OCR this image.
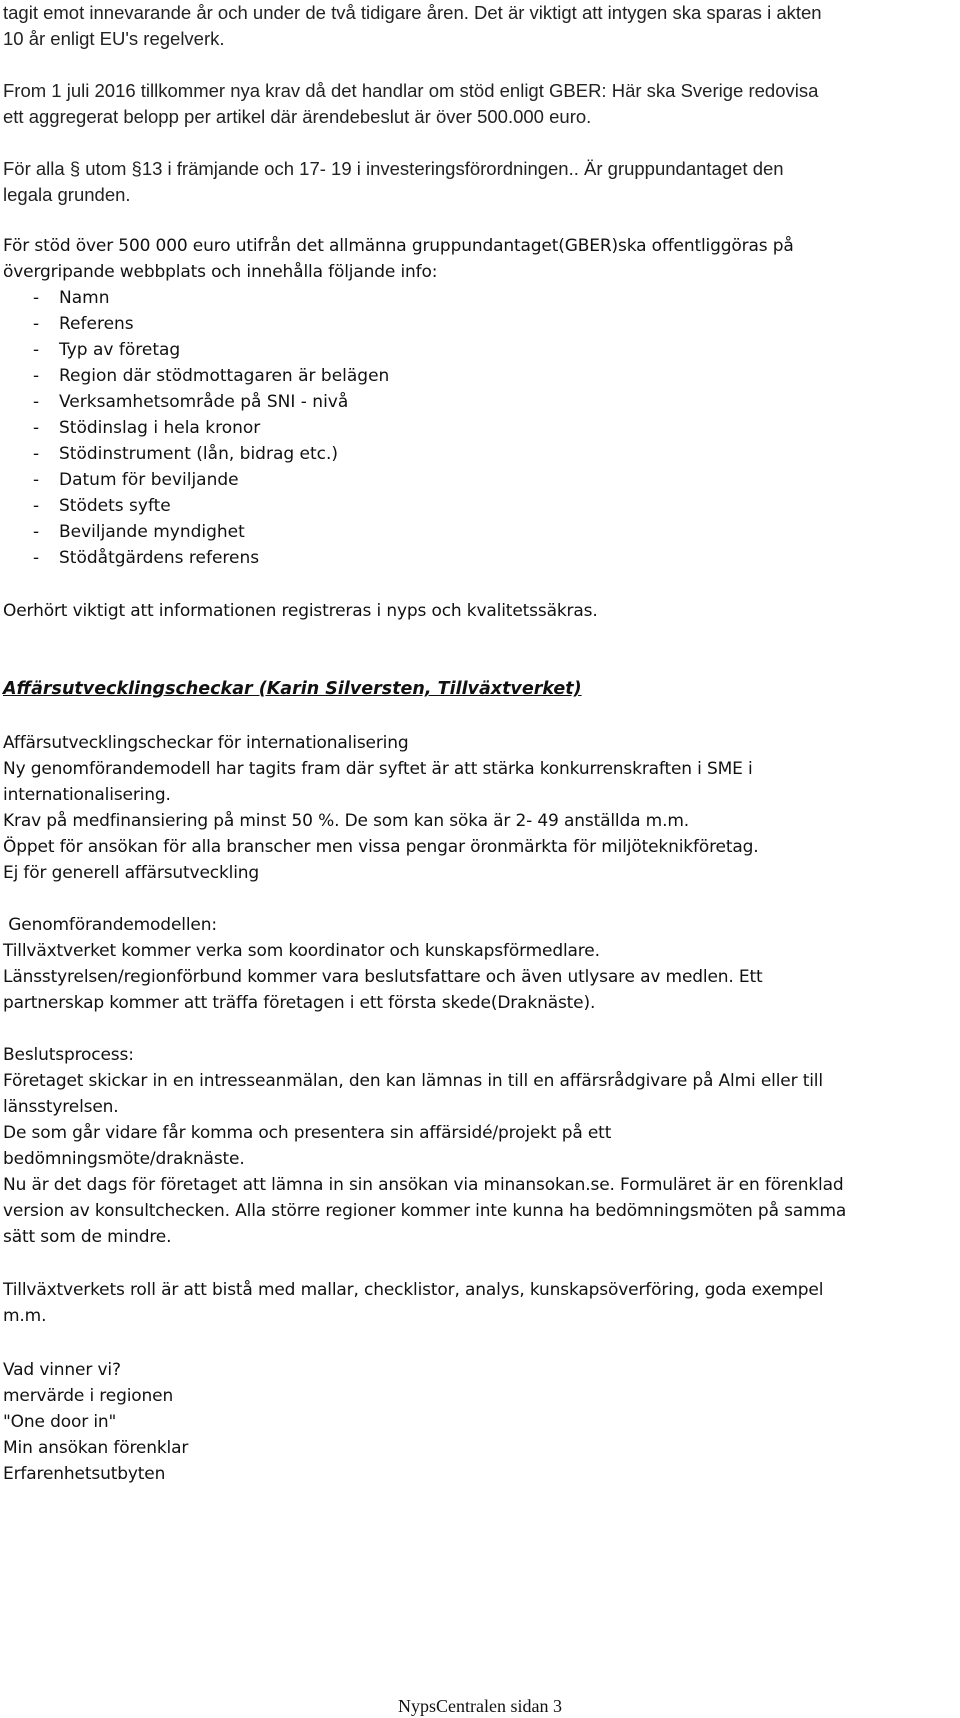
tagit emot innevarande år och under de två tidigare åren. Det är viktigt att intygen ska sparas i akten

10 år enligt EU's regelverk.

From 1 juli 2016 tillkommer nya krav då det handlar om stöd enligt GBER: Här ska Sverige redovisa

ett aggregerat belopp per artikel där ärendebeslut är över 500.000 euro.

För alla § utom §13 i främjande och 17- 19 i investeringsförordningen.. Är gruppundantaget den

legala grunden.

För stöd över 500 000 euro utifrån det allmänna gruppundantaget(GBER)ska offentliggöras på

övergripande webbplats och innehålla följande info:

- Namn
- Referens
- Typ av företag
- Region där stödmottagaren är belägen
- Verksamhetsområde på SNI - nivå
- Stödinslag i hela kronor
- Stödinstrument (lån, bidrag etc.)
- Datum för beviljande
- Stödets syfte
- Beviljande myndighet
- Stödåtgärdens referens

Oerhört viktigt att informationen registreras i nyps och kvalitetssäkras.

Affärsutvecklingscheckar (Karin Silversten, Tillväxtverket)

Affärsutvecklingscheckar för internationalisering

Ny genomförandemodell har tagits fram där syftet är att stärka konkurrenskraften i SME i

internationalisering.

Krav på medfinansiering på minst 50 %. De som kan söka är 2- 49 anställda m.m.

Öppet för ansökan för alla branscher men vissa pengar öronmärkta för miljöteknikföretag.

Ej för generell affärsutveckling

Genomförandemodellen:

Tillväxtverket kommer verka som koordinator och kunskapsförmedlare.

Länsstyrelsen/regionförbund kommer vara beslutsfattare och även utlysare av medlen. Ett

partnerskap kommer att träffa företagen i ett första skede(Draknäste).

Beslutsprocess:

Företaget skickar in en intresseanmälan, den kan lämnas in till en affärsrådgivare på Almi eller till

länsstyrelsen.

De som går vidare får komma och presentera sin affärsidé/projekt på ett

bedömningsmöte/draknäste.

Nu är det dags för företaget att lämna in sin ansökan via minansokan.se. Formuläret är en förenklad

version av konsultchecken. Alla större regioner kommer inte kunna ha bedömningsmöten på samma

sätt som de mindre.

Tillväxtverkets roll är att bistå med mallar, checklistor, analys, kunskapsöverföring, goda exempel

m.m.

Vad vinner vi?

mervärde i regionen

"One door in"

Min ansökan förenklar

Erfarenhetsutbyten

NypsCentralen sidan 3
